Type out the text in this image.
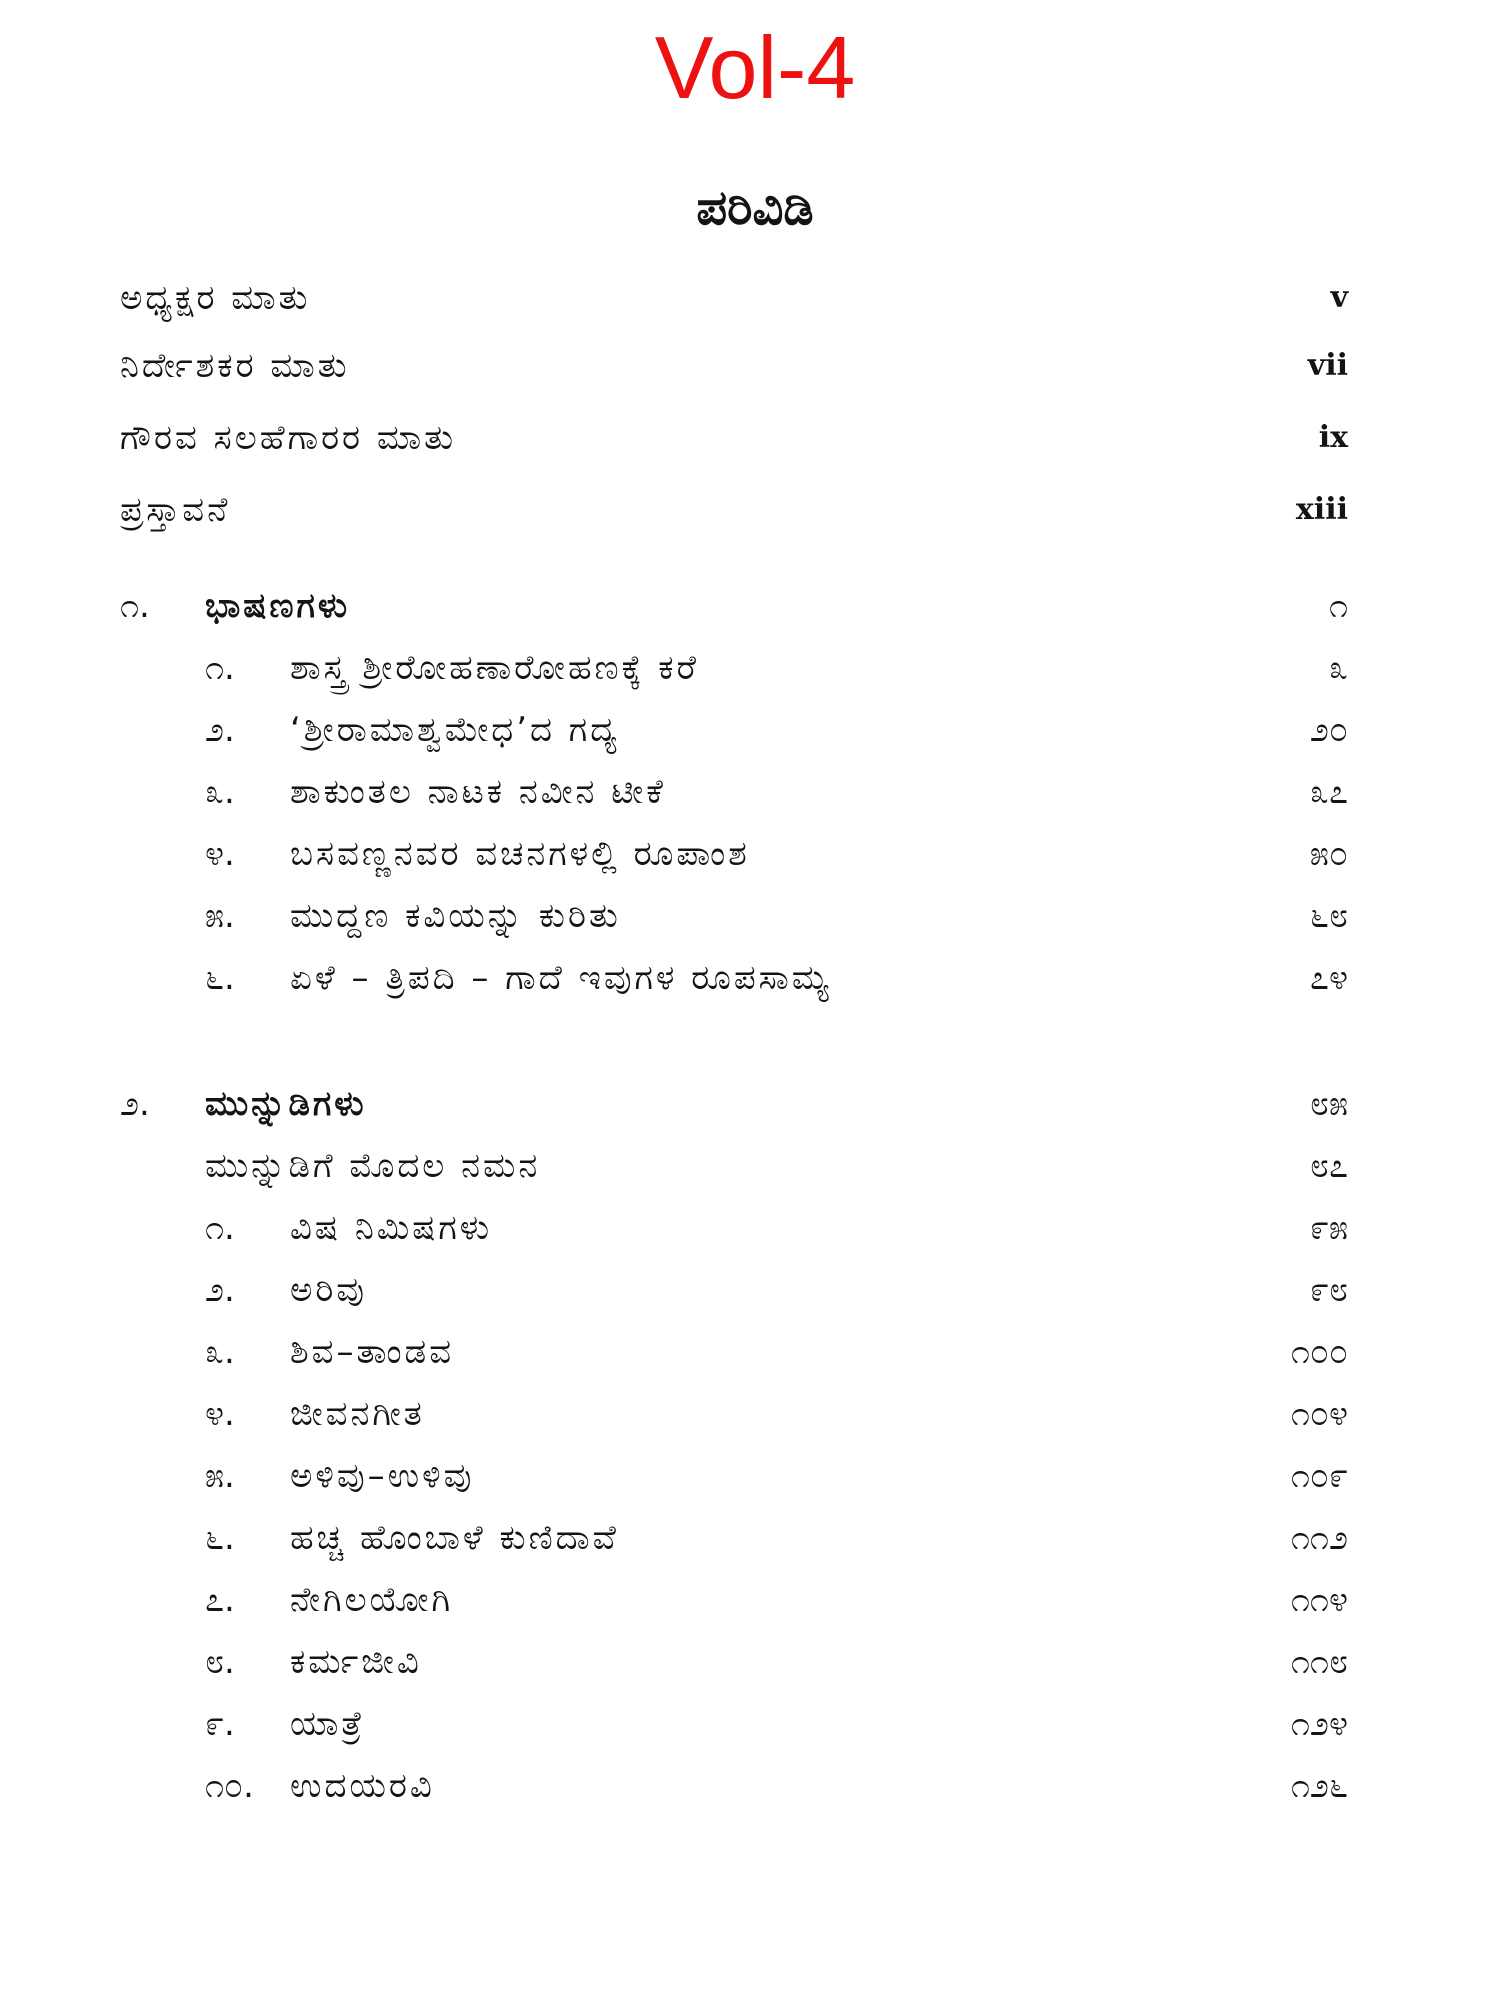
Vol-4
ಪರಿವಿಡಿ
ಅಧ್ಯಕ್ಷರ ಮಾತು	v
ನಿರ್ದೇಶಕರ ಮಾತು	vii
ಗೌರವ ಸಲಹೆಗಾರರ ಮಾತು	ix
ಪ್ರಸ್ತಾವನೆ	xiii
೧. ಭಾಷಣಗಳು	೧
೧. ಶಾಸ್ತ್ರ ಶ್ರೀರೋಹಣಾರೋಹಣಕ್ಕೆ ಕರೆ	೩
೨. ‘ಶ್ರೀರಾಮಾಶ್ವಮೇಧ’ದ ಗದ್ಯ	೨೦
೩. ಶಾಕುಂತಲ ನಾಟಕ ನವೀನ ಟೀಕೆ	೩೭
೪. ಬಸವಣ್ಣನವರ ವಚನಗಳಲ್ಲಿ ರೂಪಾಂಶ	೫೦
೫. ಮುದ್ದಣ ಕವಿಯನ್ನು ಕುರಿತು	೬೮
೬. ಏಳೆ – ತ್ರಿಪದಿ – ಗಾದೆ ಇವುಗಳ ರೂಪಸಾಮ್ಯ	೭೪
೨. ಮುನ್ನುಡಿಗಳು	೮೫
ಮುನ್ನುಡಿಗೆ ಮೊದಲ ನಮನ	೮೭
೧. ವಿಷ ನಿಮಿಷಗಳು	೯೫
೨. ಅರಿವು	೯೮
೩. ಶಿವ–ತಾಂಡವ	೧೦೦
೪. ಜೀವನಗೀತ	೧೦೪
೫. ಅಳಿವು–ಉಳಿವು	೧೦೯
೬. ಹಚ್ಚ ಹೊಂಬಾಳೆ ಕುಣಿದಾವೆ	೧೧೨
೭. ನೇಗಿಲಯೋಗಿ	೧೧೪
೮. ಕರ್ಮಜೀವಿ	೧೧೮
೯. ಯಾತ್ರೆ	೧೨೪
೧೦. ಉದಯರವಿ	೧೨೬
